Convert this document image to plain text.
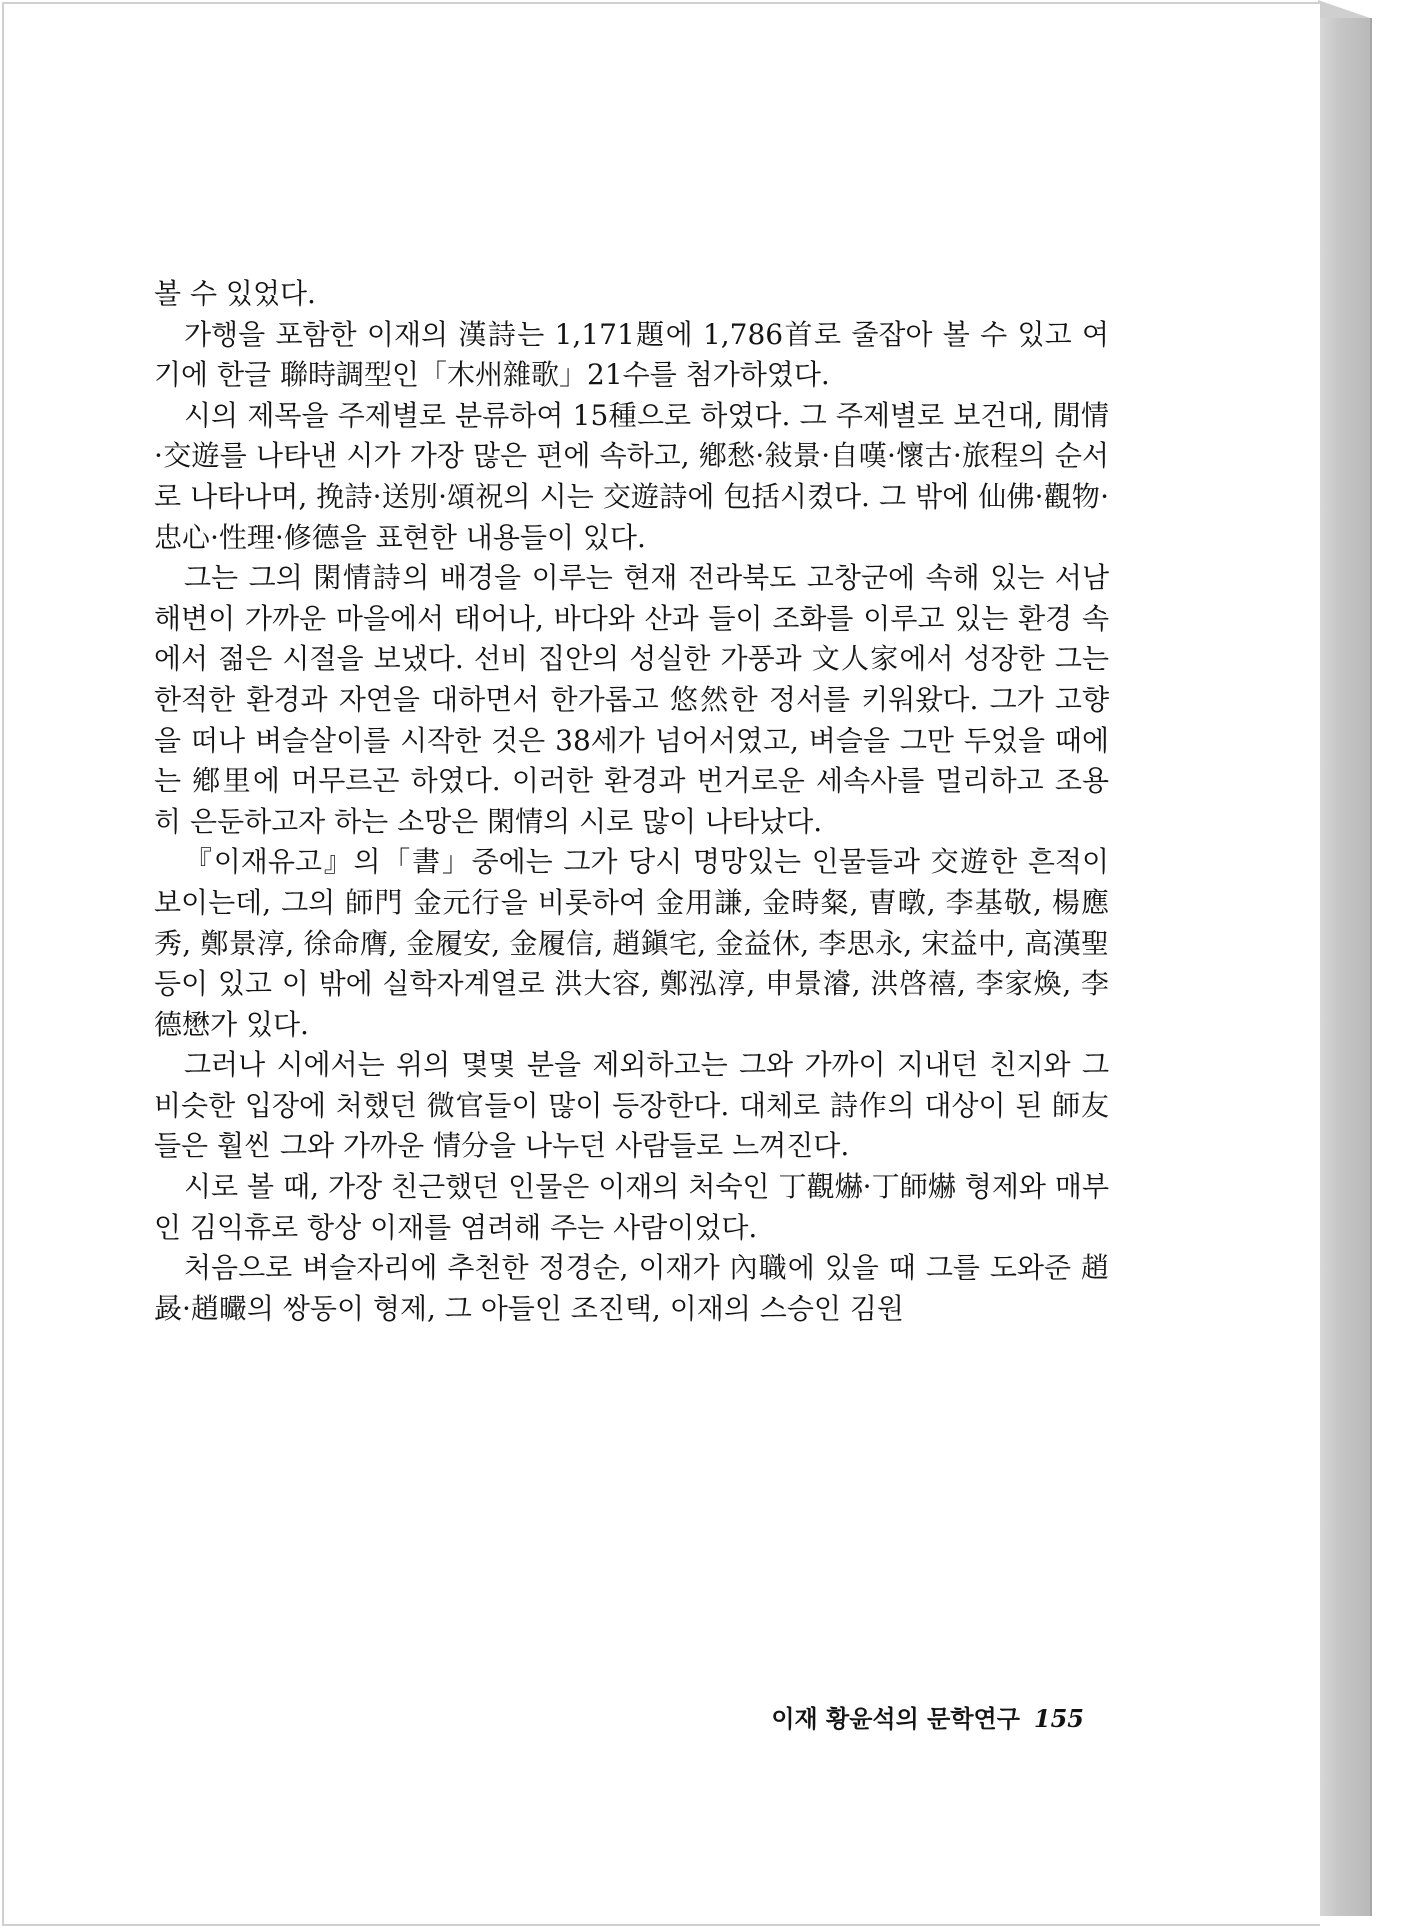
볼 수 있었다.

가행을 포함한 이재의 漢詩는 1,171題에 1,786首로 줄잡아 볼 수 있고 여기에 한글 聯時調型인「木州雜歌」21수를 첨가하였다.

시의 제목을 주제별로 분류하여 15種으로 하였다. 그 주제별로 보건대, 閒情·交遊를 나타낸 시가 가장 많은 편에 속하고, 鄕愁·敍景·自嘆·懷古·旅程의 순서로 나타나며, 挽詩·送別·頌祝의 시는 交遊詩에 包括시켰다. 그 밖에 仙佛·觀物·忠心·性理·修德을 표현한 내용들이 있다.

그는 그의 閑情詩의 배경을 이루는 현재 전라북도 고창군에 속해 있는 서남해변이 가까운 마을에서 태어나, 바다와 산과 들이 조화를 이루고 있는 환경 속에서 젊은 시절을 보냈다. 선비 집안의 성실한 가풍과 文人家에서 성장한 그는 한적한 환경과 자연을 대하면서 한가롭고 悠然한 정서를 키워왔다. 그가 고향을 떠나 벼슬살이를 시작한 것은 38세가 넘어서였고, 벼슬을 그만 두었을 때에는 鄕里에 머무르곤 하였다. 이러한 환경과 번거로운 세속사를 멀리하고 조용히 은둔하고자 하는 소망은 閑情의 시로 많이 나타났다.

『이재유고』의「書」중에는 그가 당시 명망있는 인물들과 交遊한 흔적이 보이는데, 그의 師門 金元行을 비롯하여 金用謙, 金時粲, 曺暾, 李基敬, 楊應秀, 鄭景淳, 徐命膺, 金履安, 金履信, 趙鎭宅, 金益休, 李思永, 宋益中, 高漢聖 등이 있고 이 밖에 실학자계열로 洪大容, 鄭泓淳, 申景濬, 洪啓禧, 李家煥, 李德懋가 있다.

그러나 시에서는 위의 몇몇 분을 제외하고는 그와 가까이 지내던 친지와 그 비슷한 입장에 처했던 微官들이 많이 등장한다. 대체로 詩作의 대상이 된 師友들은 훨씬 그와 가까운 情分을 나누던 사람들로 느껴진다.

시로 볼 때, 가장 친근했던 인물은 이재의 처숙인 丁觀爀·丁師爀 형제와 매부인 김익휴로 항상 이재를 염려해 주는 사람이었다.

처음으로 벼슬자리에 추천한 정경순, 이재가 內職에 있을 때 그를 도와준 趙晸·趙曮의 쌍동이 형제, 그 아들인 조진택, 이재의 스승인 김원

이재 황윤석의 문학연구 155
